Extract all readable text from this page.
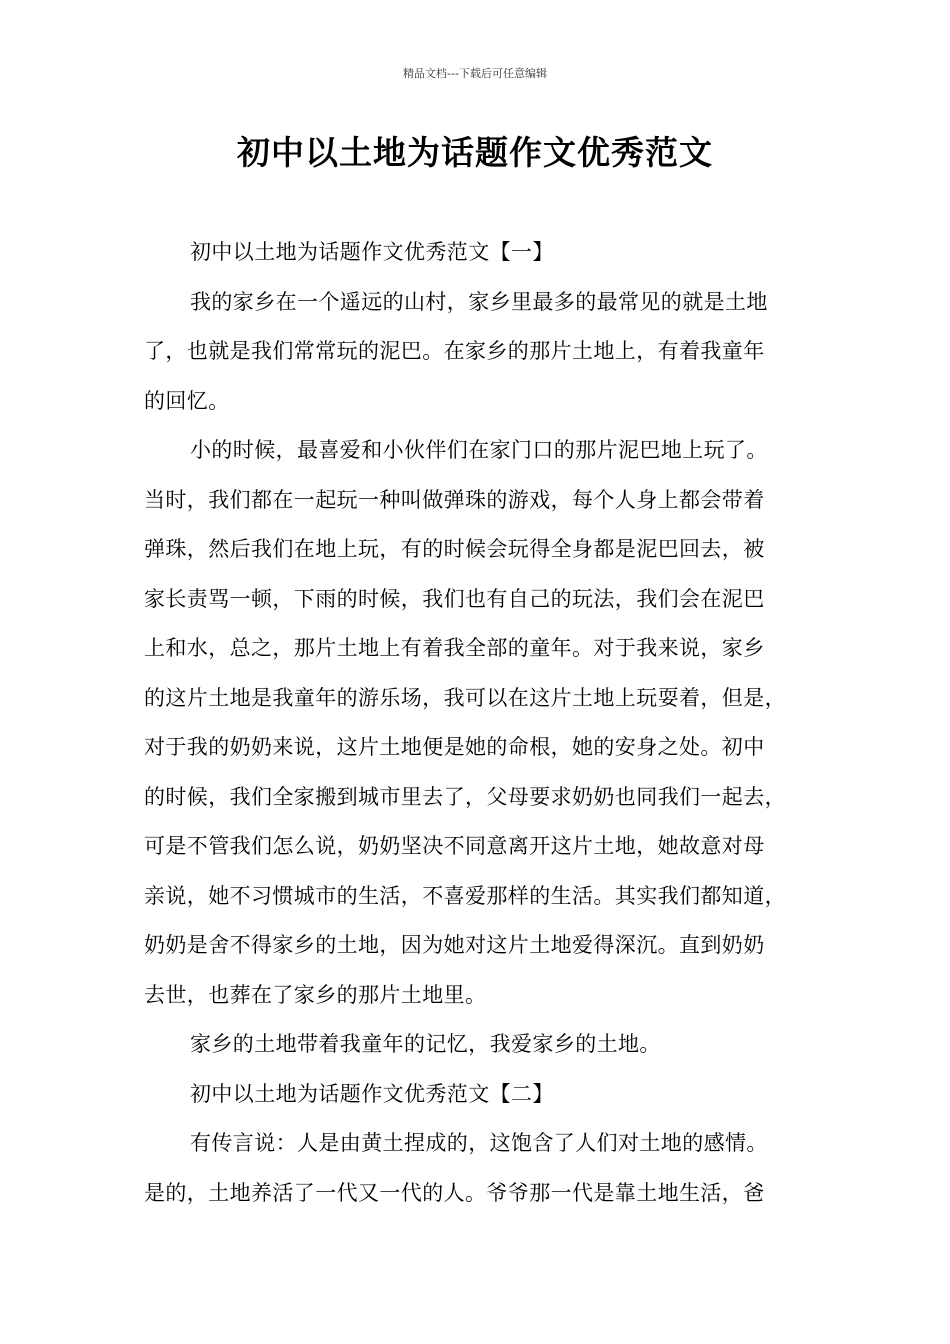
精品文档---下载后可任意编辑
初中以土地为话题作文优秀范文
初中以土地为话题作文优秀范文【一】
我的家乡在一个遥远的山村，家乡里最多的最常见的就是土地
了，也就是我们常常玩的泥巴。在家乡的那片土地上，有着我童年
的回忆。
小的时候，最喜爱和小伙伴们在家门口的那片泥巴地上玩了。
当时，我们都在一起玩一种叫做弹珠的游戏，每个人身上都会带着
弹珠，然后我们在地上玩，有的时候会玩得全身都是泥巴回去，被
家长责骂一顿，下雨的时候，我们也有自己的玩法，我们会在泥巴
上和水，总之，那片土地上有着我全部的童年。对于我来说，家乡
的这片土地是我童年的游乐场，我可以在这片土地上玩耍着，但是，
对于我的奶奶来说，这片土地便是她的命根，她的安身之处。初中
的时候，我们全家搬到城市里去了，父母要求奶奶也同我们一起去，
可是不管我们怎么说，奶奶坚决不同意离开这片土地，她故意对母
亲说，她不习惯城市的生活，不喜爱那样的生活。其实我们都知道，
奶奶是舍不得家乡的土地，因为她对这片土地爱得深沉。直到奶奶
去世，也葬在了家乡的那片土地里。
家乡的土地带着我童年的记忆，我爱家乡的土地。
初中以土地为话题作文优秀范文【二】
有传言说：人是由黄土捏成的，这饱含了人们对土地的感情。
是的，土地养活了一代又一代的人。爷爷那一代是靠土地生活，爸
